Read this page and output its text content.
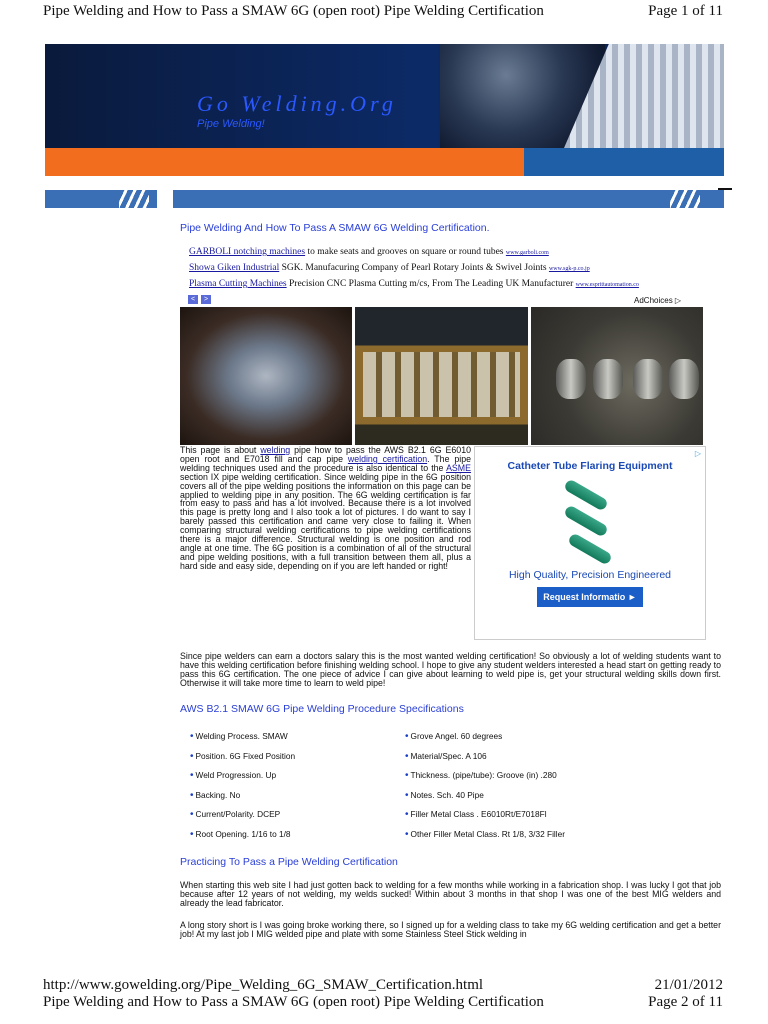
Pipe Welding and How to Pass a SMAW 6G (open root) Pipe Welding Certification	Page 1 of 11
Go Welding.Org
Pipe Welding!
Pipe Welding And How To Pass A SMAW 6G Welding Certification.
GARBOLI notching machines to make seats and grooves on square or round tubes www.garboli.com
Showa Giken Industrial SGK. Manufacuring Company of Pearl Rotary Joints & Swivel Joints www.sgk-p.co.jp
Plasma Cutting Machines Precision CNC Plasma Cutting m/cs, From The Leading UK Manufacturer www.esprittautomation.co
<	>	AdChoices ▷
This page is about welding pipe how to pass the AWS B2.1 6G E6010 open root and E7018 fill and cap pipe welding certification. The pipe welding techniques used and the procedure is also identical to the ASME section IX pipe welding certification. Since welding pipe in the 6G position covers all of the pipe welding positions the information on this page can be applied to welding pipe in any position. The 6G welding certification is far from easy to pass and has a lot involved. Because there is a lot involved this page is pretty long and I also took a lot of pictures. I do want to say I barely passed this certification and came very close to failing it. When comparing structural welding certifications to pipe welding certifications there is a major difference. Structural welding is one position and rod angle at one time. The 6G position is a combination of all of the structural and pipe welding positions, with a full transition between them all, plus a hard side and easy side, depending on if you are left handed or right!
▷
Catheter Tube Flaring Equipment
High Quality, Precision Engineered
Request Informatio ►
Since pipe welders can earn a doctors salary this is the most wanted welding certification! So obviously a lot of welding students want to have this welding certification before finishing welding school. I hope to give any student welders interested a head start on getting ready to pass this 6G certification. The one piece of advice I can give about learning to weld pipe is, get your structural welding skills down first. Otherwise it will take more time to learn to weld pipe!
AWS B2.1 SMAW 6G Pipe Welding Procedure Specifications
• Welding Process. SMAW
• Position. 6G Fixed Position
• Weld Progression. Up
• Backing. No
• Current/Polarity. DCEP
• Root Opening. 1/16 to 1/8
• Grove Angel. 60 degrees
• Material/Spec. A 106
• Thickness. (pipe/tube): Groove (in) .280
• Notes. Sch. 40 Pipe
• Filler Metal Class . E6010Rt/E7018Fl
• Other Filler Metal Class. Rt 1/8, 3/32 Filler
Practicing To Pass a Pipe Welding Certification
When starting this web site I had just gotten back to welding for a few months while working in a fabrication shop. I was lucky I got that job because after 12 years of not welding, my welds sucked! Within about 3 months in that shop I was one of the best MIG welders and already the lead fabricator.
A long story short is I was going broke working there, so I signed up for a welding class to take my 6G welding certification and get a better job! At my last job I MIG welded pipe and plate with some Stainless Steel Stick welding in
http://www.gowelding.org/Pipe_Welding_6G_SMAW_Certification.html	21/01/2012
Pipe Welding and How to Pass a SMAW 6G (open root) Pipe Welding Certification	Page 2 of 11
